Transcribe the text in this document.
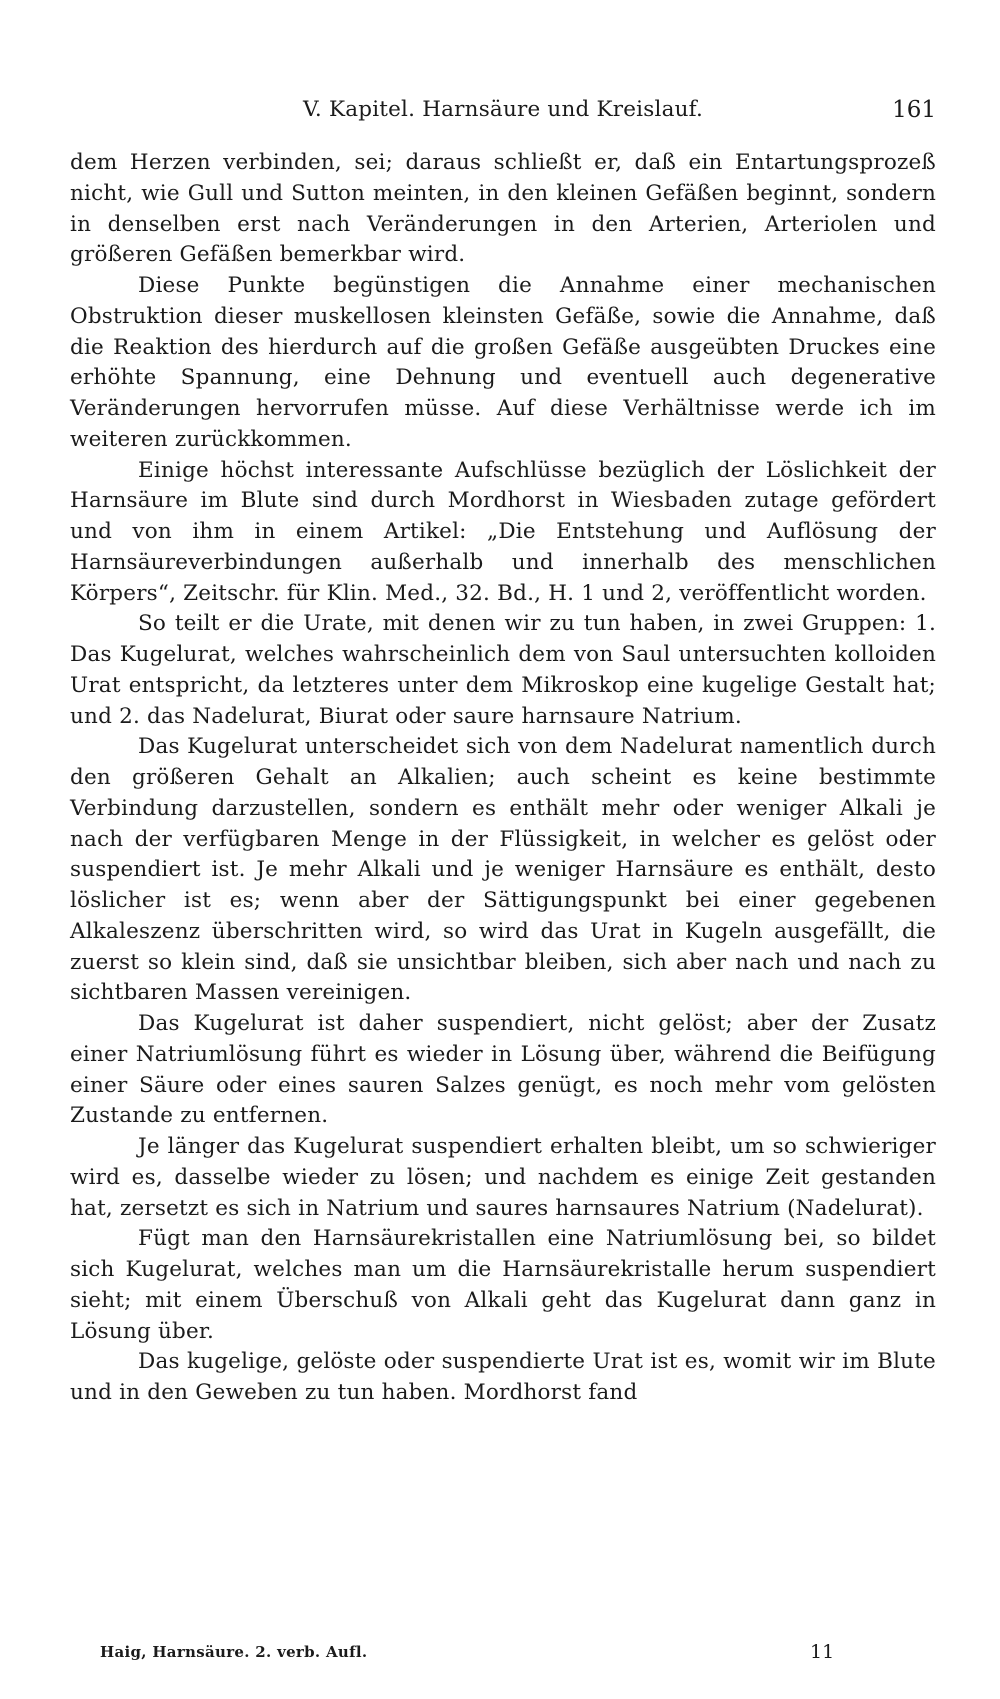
V. Kapitel. Harnsäure und Kreislauf.	161

dem Herzen verbinden, sei; daraus schließt er, daß ein Entartungsprozeß nicht, wie Gull und Sutton meinten, in den kleinen Gefäßen beginnt, sondern in denselben erst nach Veränderungen in den Arterien, Arteriolen und größeren Gefäßen bemerkbar wird.

Diese Punkte begünstigen die Annahme einer mechanischen Obstruktion dieser muskellosen kleinsten Gefäße, sowie die Annahme, daß die Reaktion des hierdurch auf die großen Gefäße ausgeübten Druckes eine erhöhte Spannung, eine Dehnung und eventuell auch degenerative Veränderungen hervorrufen müsse. Auf diese Verhältnisse werde ich im weiteren zurückkommen.

Einige höchst interessante Aufschlüsse bezüglich der Löslichkeit der Harnsäure im Blute sind durch Mordhorst in Wiesbaden zutage gefördert und von ihm in einem Artikel: „Die Entstehung und Auflösung der Harnsäureverbindungen außerhalb und innerhalb des menschlichen Körpers“, Zeitschr. für Klin. Med., 32. Bd., H. 1 und 2, veröffentlicht worden.

So teilt er die Urate, mit denen wir zu tun haben, in zwei Gruppen: 1. Das Kugelurat, welches wahrscheinlich dem von Saul untersuchten kolloiden Urat entspricht, da letzteres unter dem Mikroskop eine kugelige Gestalt hat; und 2. das Nadelurat, Biurat oder saure harnsaure Natrium.

Das Kugelurat unterscheidet sich von dem Nadelurat namentlich durch den größeren Gehalt an Alkalien; auch scheint es keine bestimmte Verbindung darzustellen, sondern es enthält mehr oder weniger Alkali je nach der verfügbaren Menge in der Flüssigkeit, in welcher es gelöst oder suspendiert ist. Je mehr Alkali und je weniger Harnsäure es enthält, desto löslicher ist es; wenn aber der Sättigungspunkt bei einer gegebenen Alkaleszenz überschritten wird, so wird das Urat in Kugeln ausgefällt, die zuerst so klein sind, daß sie unsichtbar bleiben, sich aber nach und nach zu sichtbaren Massen vereinigen.

Das Kugelurat ist daher suspendiert, nicht gelöst; aber der Zusatz einer Natriumlösung führt es wieder in Lösung über, während die Beifügung einer Säure oder eines sauren Salzes genügt, es noch mehr vom gelösten Zustande zu entfernen.

Je länger das Kugelurat suspendiert erhalten bleibt, um so schwieriger wird es, dasselbe wieder zu lösen; und nachdem es einige Zeit gestanden hat, zersetzt es sich in Natrium und saures harnsaures Natrium (Nadelurat).

Fügt man den Harnsäurekristallen eine Natriumlösung bei, so bildet sich Kugelurat, welches man um die Harnsäurekristalle herum suspendiert sieht; mit einem Überschuß von Alkali geht das Kugelurat dann ganz in Lösung über.

Das kugelige, gelöste oder suspendierte Urat ist es, womit wir im Blute und in den Geweben zu tun haben. Mordhorst fand

Haig, Harnsäure. 2. verb. Aufl.	11
